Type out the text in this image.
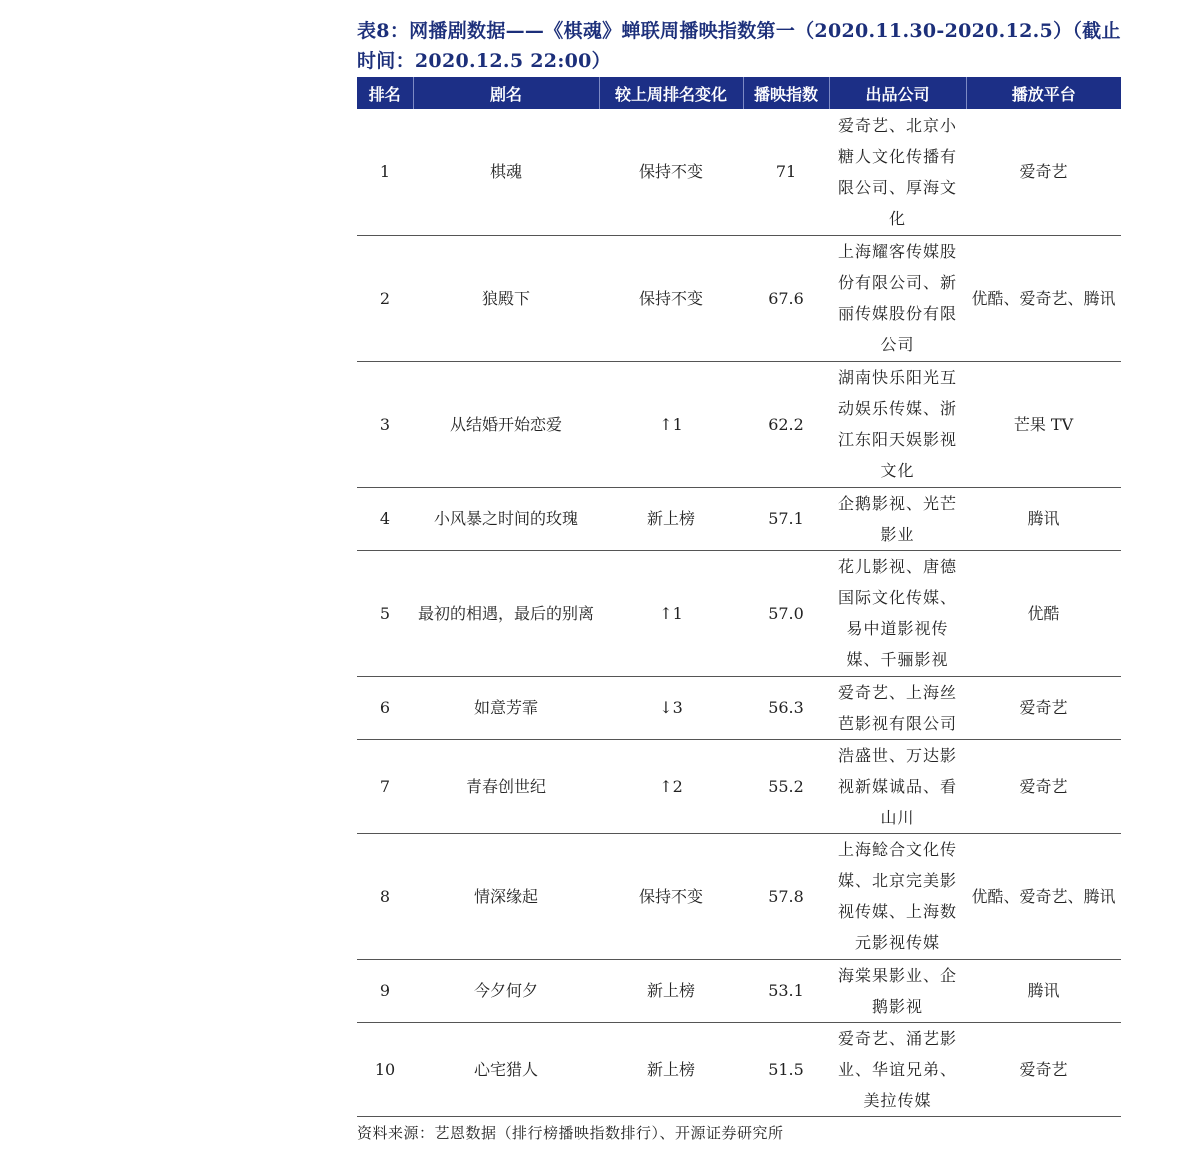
表8：网播剧数据——《棋魂》蝉联周播映指数第一（2020.11.30-2020.12.5）（截止时间：2020.12.5 22:00）
排名	剧名	较上周排名变化	播映指数	出品公司	播放平台
1	棋魂	保持不变	71	爱奇艺、北京小糖人文化传播有限公司、厚海文化	爱奇艺
2	狼殿下	保持不变	67.6	上海耀客传媒股份有限公司、新丽传媒股份有限公司	优酷、爱奇艺、腾讯
3	从结婚开始恋爱	↑1	62.2	湖南快乐阳光互动娱乐传媒、浙江东阳天娱影视文化	芒果 TV
4	小风暴之时间的玫瑰	新上榜	57.1	企鹅影视、光芒影业	腾讯
5	最初的相遇，最后的别离	↑1	57.0	花儿影视、唐德国际文化传媒、易中道影视传媒、千骊影视	优酷
6	如意芳霏	↓3	56.3	爱奇艺、上海丝芭影视有限公司	爱奇艺
7	青春创世纪	↑2	55.2	浩盛世、万达影视新媒诚品、看山川	爱奇艺
8	情深缘起	保持不变	57.8	上海鲶合文化传媒、北京完美影视传媒、上海数元影视传媒	优酷、爱奇艺、腾讯
9	今夕何夕	新上榜	53.1	海棠果影业、企鹅影视	腾讯
10	心宅猎人	新上榜	51.5	爱奇艺、涌艺影业、华谊兄弟、美拉传媒	爱奇艺
资料来源：艺恩数据（排行榜播映指数排行）、开源证券研究所
